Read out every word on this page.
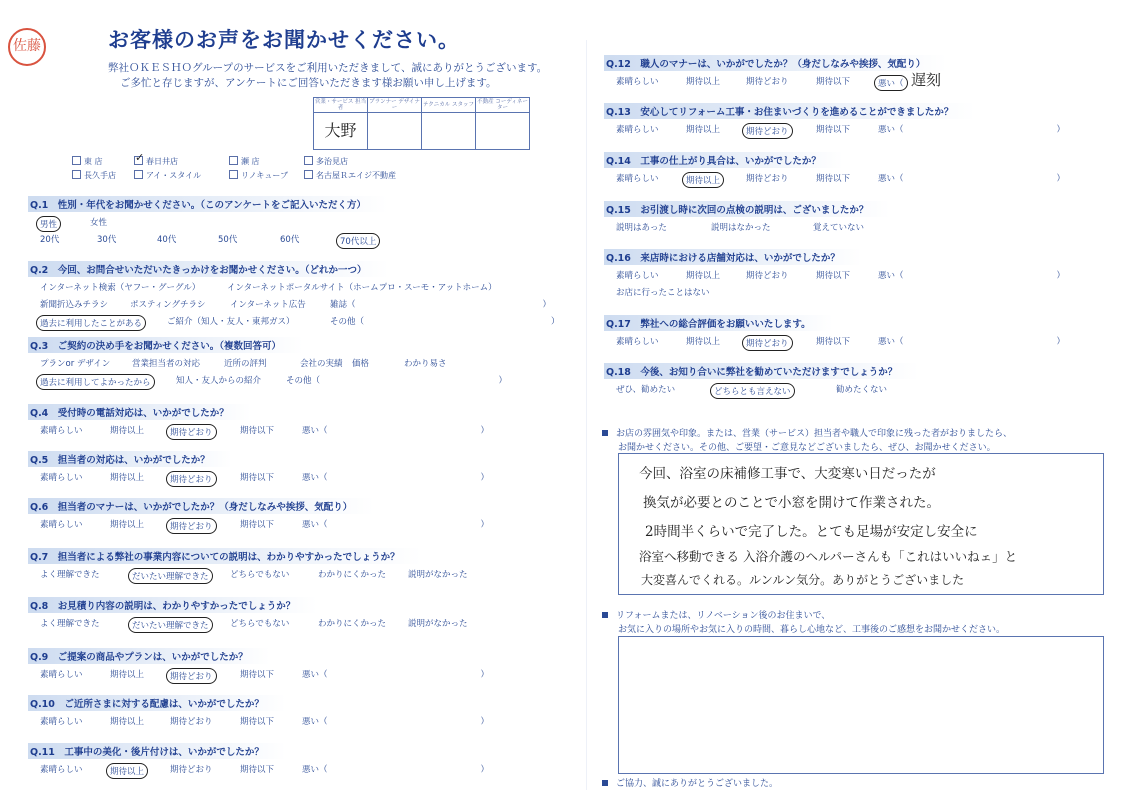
佐藤	お客様のお声をお聞かせください。
弊社ＯＫＥＳＨＯグループのサービスをご利用いただきまして、誠にありがとうございます。
ご多忙と存じますが、アンケートにご回答いただきます様お願い申し上げます。
営業・サービス 担当者	プランナー デザイナー	テクニカル スタッフ	不動産 コーディネーター
大野			
東 店 ✓	春日井店	瀬 店	多治見店
長久手店	アイ・スタイル	リノキューブ	名古屋Ｒエイジ不動産
Q.1　性別・年代をお聞かせください。（このアンケートをご記入いただく方）
男性	女性
20代	30代	40代	50代	60代	70代以上
Q.2　今回、お問合せいただいたきっかけをお聞かせください。（どれか一つ）
インターネット検索（ヤフー・グーグル）	インターネットポータルサイト（ホームプロ・スーモ・アットホーム）
新聞折込みチラシ	ポスティングチラシ	インターネット広告	雑誌（　　　　　　　　　　　　　　　　　　　　　　）
過去に利用したことがある	ご紹介（知人・友人・東邦ガス）	その他（　　　　　　　　　　　　　　　　　　　　　　）
Q.3　ご契約の決め手をお聞かせください。（複数回答可）
プランor デザイン	営業担当者の対応	近所の評判	会社の実績 価格	わかり易さ
過去に利用してよかったから	知人・友人からの紹介	その他（　　　　　　　　　　　　　　　　　　　　　）
Q.4　受付時の電話対応は、いかがでしたか？
素晴らしい	期待以上	期待どおり	期待以下	悪い（　　　　　　　　　　　　　　　　　　）
Q.5　担当者の対応は、いかがでしたか？
素晴らしい	期待以上	期待どおり	期待以下	悪い（　　　　　　　　　　　　　　　　　　）
Q.6　担当者のマナーは、いかがでしたか？（身だしなみや挨拶、気配り）
素晴らしい	期待以上	期待どおり	期待以下	悪い（　　　　　　　　　　　　　　　　　　）
Q.7　担当者による弊社の事業内容についての説明は、わかりやすかったでしょうか？
よく理解できた	だいたい理解できた	どちらでもない	わかりにくかった	説明がなかった
Q.8　お見積り内容の説明は、わかりやすかったでしょうか？
よく理解できた	だいたい理解できた	どちらでもない	わかりにくかった	説明がなかった
Q.9　ご提案の商品やプランは、いかがでしたか？
素晴らしい	期待以上	期待どおり	期待以下	悪い（　　　　　　　　　　　　　　　　　　）
Q.10　ご近所さまに対する配慮は、いかがでしたか？
素晴らしい	期待以上	期待どおり	期待以下	悪い（　　　　　　　　　　　　　　　　　　）
Q.11　工事中の美化・後片付けは、いかがでしたか？
素晴らしい	期待以上	期待どおり	期待以下	悪い（　　　　　　　　　　　　　　　　　　）
Q.12　職人のマナーは、いかがでしたか？（身だしなみや挨拶、気配り）
素晴らしい	期待以上	期待どおり	期待以下	悪い（ 遅刻
Q.13　安心してリフォーム工事・お住まいづくりを進めることができましたか？
素晴らしい	期待以上	期待どおり	期待以下	悪い（　　　　　　　　　　　　　　　　　　）
Q.14　工事の仕上がり具合は、いかがでしたか？
素晴らしい	期待以上	期待どおり	期待以下	悪い（　　　　　　　　　　　　　　　　　　）
Q.15　お引渡し時に次回の点検の説明は、ございましたか？
説明はあった	説明はなかった	覚えていない
Q.16　来店時における店舗対応は、いかがでしたか？
素晴らしい	期待以上	期待どおり	期待以下	悪い（　　　　　　　　　　　　　　　　　　）
お店に行ったことはない
Q.17　弊社への総合評価をお願いいたします。
素晴らしい	期待以上	期待どおり	期待以下	悪い（　　　　　　　　　　　　　　　　　　）
Q.18　今後、お知り合いに弊社を勧めていただけますでしょうか？
ぜひ、勧めたい	どちらとも言えない	勧めたくない
お店の雰囲気や印象。または、営業（サービス）担当者や職人で印象に残った者がおりましたら、
お聞かせください。その他、ご要望・ご意見などございましたら、ぜひ、お聞かせください。
今回、浴室の床補修工事で、大変寒い日だったが
換気が必要とのことで小窓を開けて作業された。
2時間半くらいで完了した。とても足場が安定し安全に
浴室へ移動できる 入浴介護のヘルパーさんも「これはいいねェ」と
大変喜んでくれる。ルンルン気分。ありがとうございました
リフォームまたは、リノベーション後のお住まいで、
お気に入りの場所やお気に入りの時間、暮らし心地など、工事後のご感想をお聞かせください。
ご協力、誠にありがとうございました。
